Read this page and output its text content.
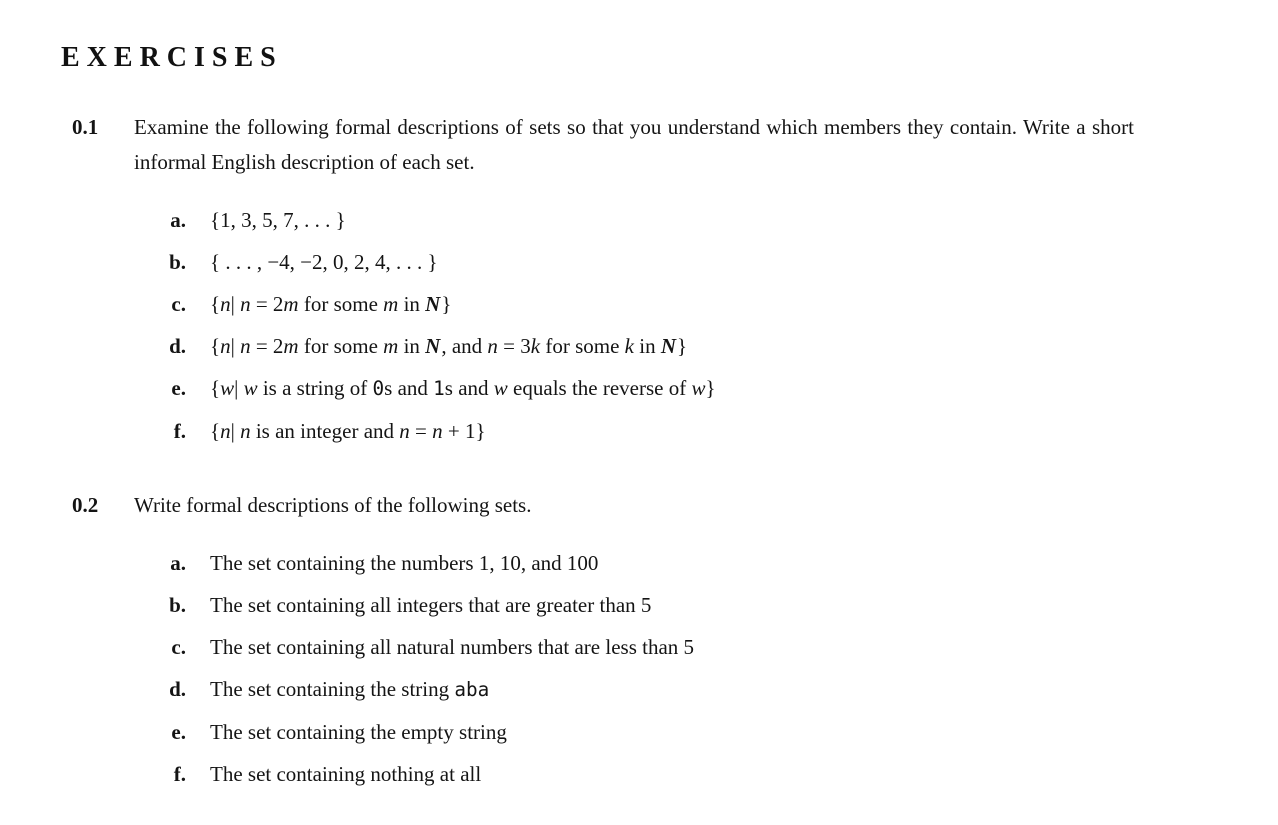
EXERCISES
0.1	Examine the following formal descriptions of sets so that you understand which members they contain. Write a short informal English description of each set.

a. {1, 3, 5, 7, . . . }
b. { . . . , −4, −2, 0, 2, 4, . . . }
c. {n| n = 2m for some m in N}
d. {n| n = 2m for some m in N, and n = 3k for some k in N}
e. {w| w is a string of 0s and 1s and w equals the reverse of w}
f. {n| n is an integer and n = n + 1}
0.2	Write formal descriptions of the following sets.

a. The set containing the numbers 1, 10, and 100
b. The set containing all integers that are greater than 5
c. The set containing all natural numbers that are less than 5
d. The set containing the string aba
e. The set containing the empty string
f. The set containing nothing at all
